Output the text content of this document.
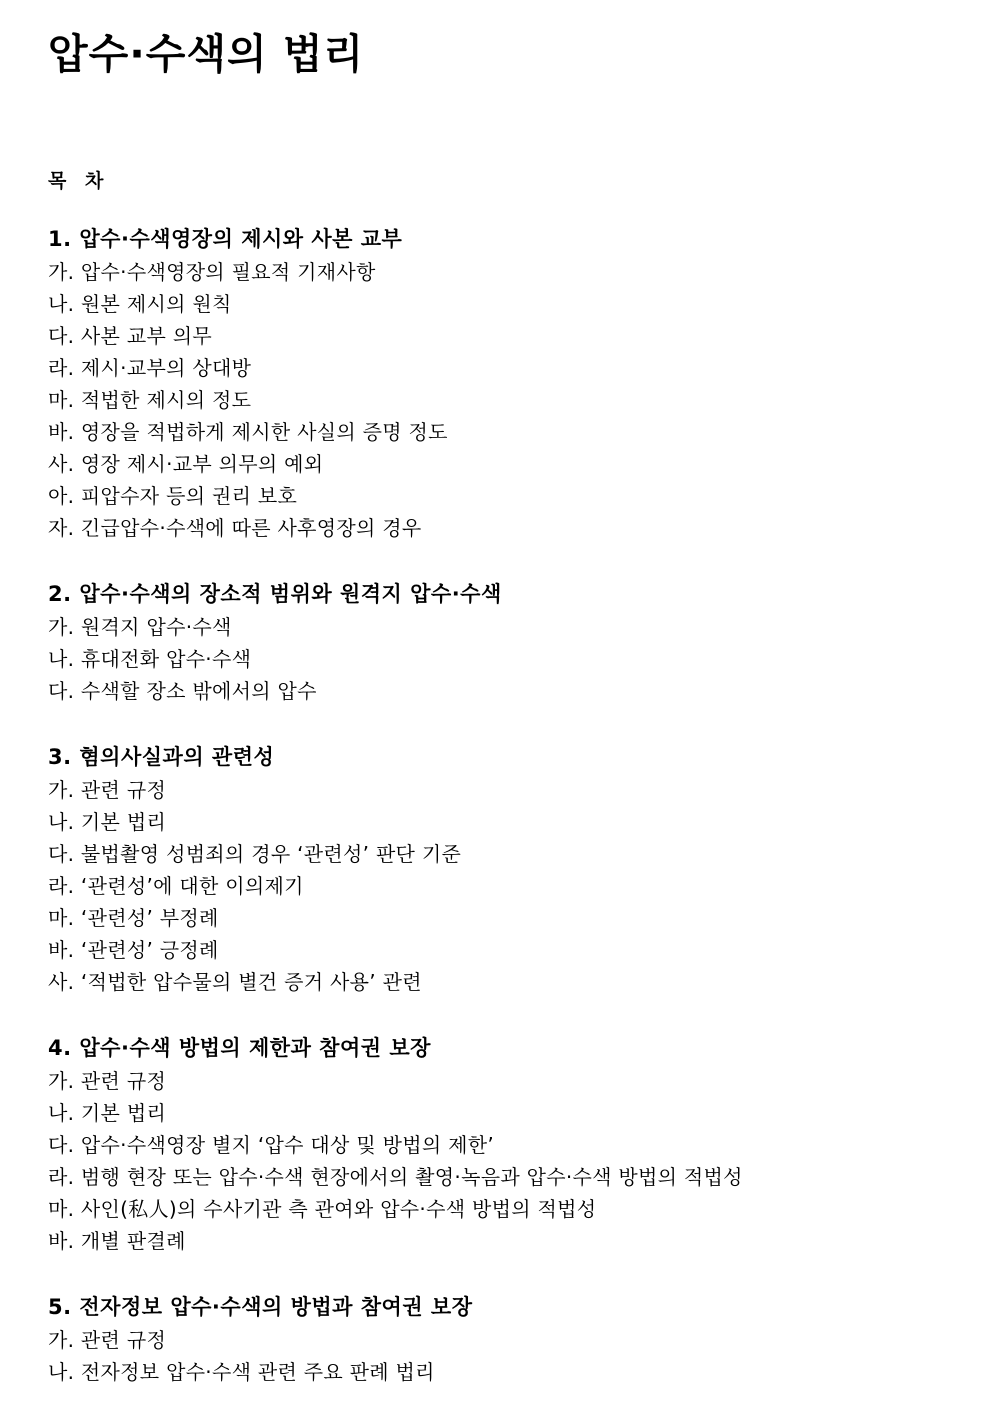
압수·수색의 법리
목 차
1. 압수·수색영장의 제시와 사본 교부
가. 압수·수색영장의 필요적 기재사항
나. 원본 제시의 원칙
다. 사본 교부 의무
라. 제시·교부의 상대방
마. 적법한 제시의 정도
바. 영장을 적법하게 제시한 사실의 증명 정도
사. 영장 제시·교부 의무의 예외
아. 피압수자 등의 권리 보호
자. 긴급압수·수색에 따른 사후영장의 경우
2. 압수·수색의 장소적 범위와 원격지 압수·수색
가. 원격지 압수·수색
나. 휴대전화 압수·수색
다. 수색할 장소 밖에서의 압수
3. 혐의사실과의 관련성
가. 관련 규정
나. 기본 법리
다. 불법촬영 성범죄의 경우 ‘관련성’ 판단 기준
라. ‘관련성’에 대한 이의제기
마. ‘관련성’ 부정례
바. ‘관련성’ 긍정례
사. ‘적법한 압수물의 별건 증거 사용’ 관련
4. 압수·수색 방법의 제한과 참여권 보장
가. 관련 규정
나. 기본 법리
다. 압수·수색영장 별지 ‘압수 대상 및 방법의 제한’
라. 범행 현장 또는 압수·수색 현장에서의 촬영·녹음과 압수·수색 방법의 적법성
마. 사인(私人)의 수사기관 측 관여와 압수·수색 방법의 적법성
바. 개별 판결례
5. 전자정보 압수·수색의 방법과 참여권 보장
가. 관련 규정
나. 전자정보 압수·수색 관련 주요 판례 법리
